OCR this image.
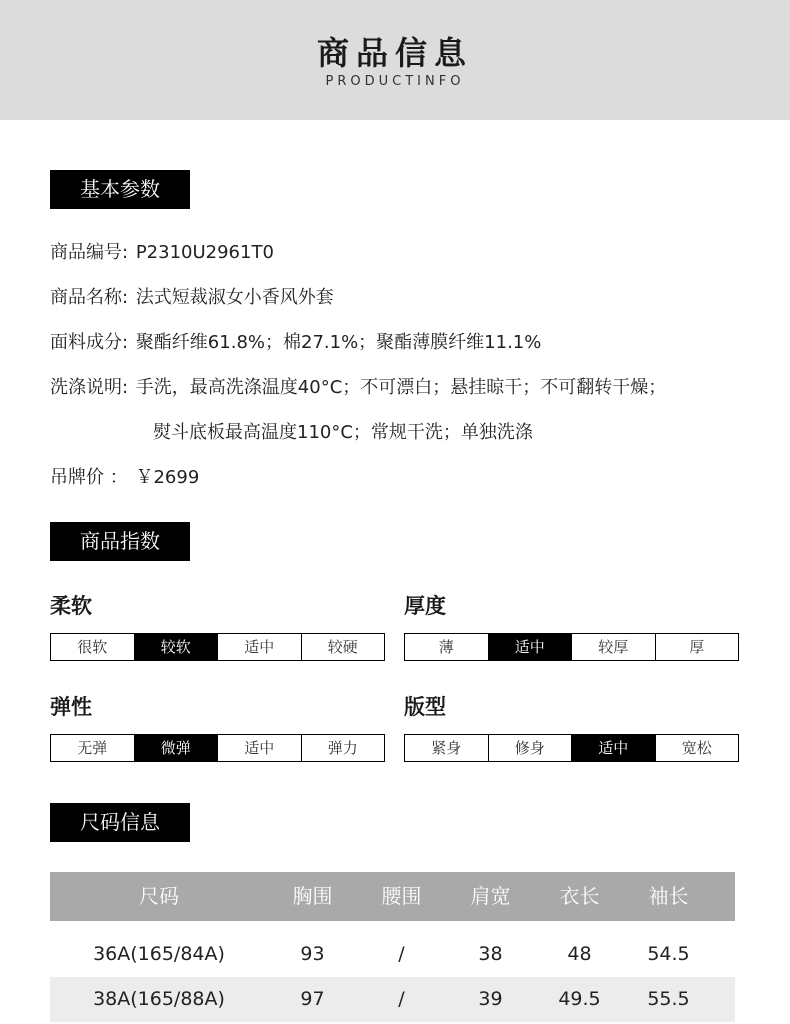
商品信息
PRODUCTINFO
基本参数
商品编号: P2310U2961T0
商品名称: 法式短裁淑女小香风外套
面料成分: 聚酯纤维61.8%；棉27.1%；聚酯薄膜纤维11.1%
洗涤说明: 手洗，最高洗涤温度40°C；不可漂白；悬挂晾干；不可翻转干燥；
熨斗底板最高温度110°C；常规干洗；单独洗涤
吊牌价 ： ￥2699
商品指数
柔软
很软	较软	适中	较硬
厚度
薄	适中	较厚	厚
弹性
无弹	微弹	适中	弹力
版型
紧身	修身	适中	宽松
尺码信息
尺码	胸围	腰围	肩宽	衣长	袖长
36A(165/84A)	93	/	38	48	54.5
38A(165/88A)	97	/	39	49.5	55.5
